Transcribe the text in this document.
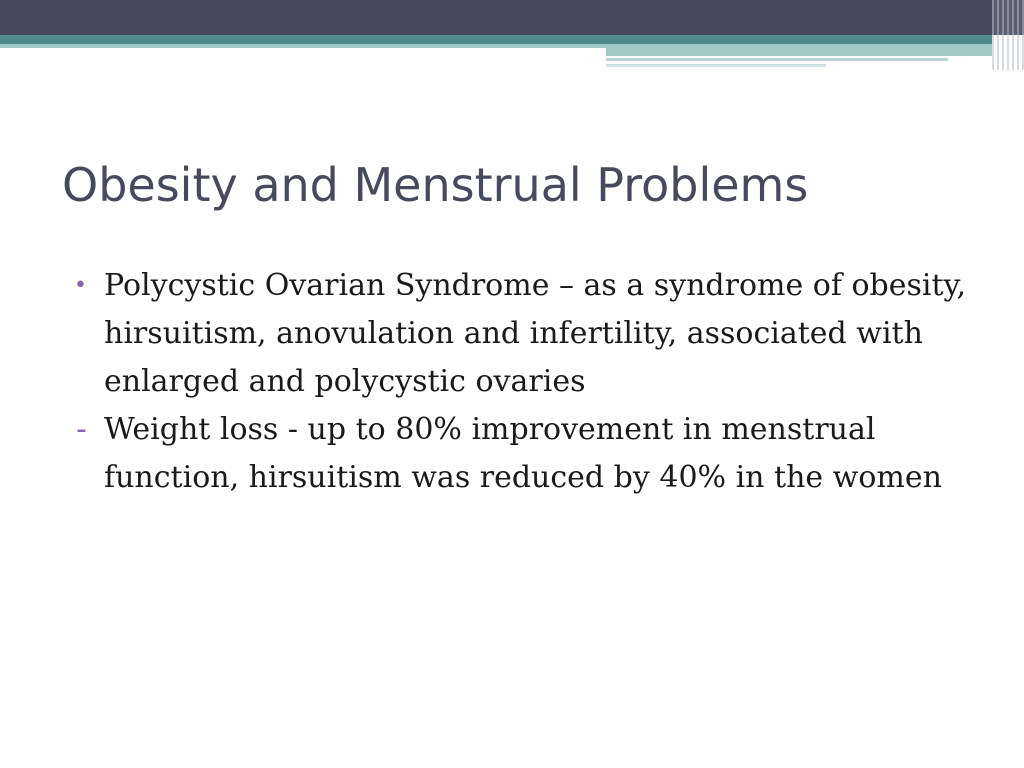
Obesity and Menstrual Problems
• Polycystic Ovarian Syndrome – as a syndrome of obesity, hirsuitism, anovulation and infertility, associated with enlarged and polycystic ovaries
- Weight loss - up to 80% improvement in menstrual function, hirsuitism was reduced by 40% in the women
